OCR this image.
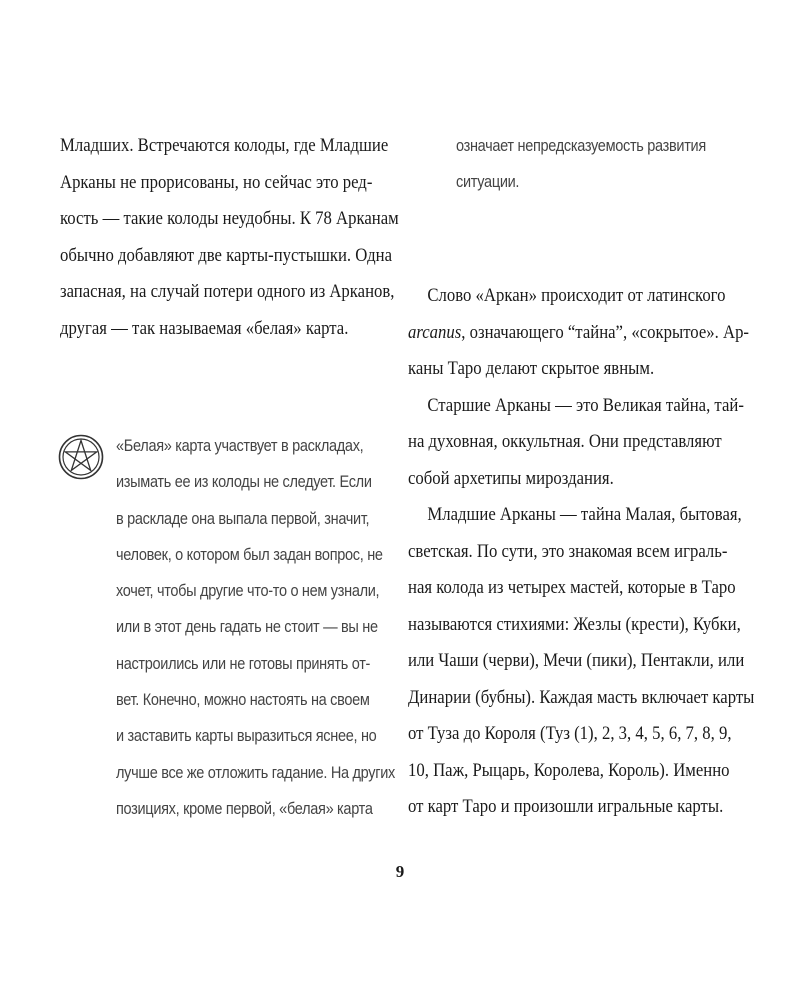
Младших. Встречаются колоды, где Младшие
Арканы не прорисованы, но сейчас это ред-
кость — такие колоды неудобны. К 78 Арканам
обычно добавляют две карты-пустышки. Одна
запасная, на случай потери одного из Арканов,
другая — так называемая «белая» карта.
«Белая» карта участвует в раскладах,
изымать ее из колоды не следует. Если
в раскладе она выпала первой, значит,
человек, о котором был задан вопрос, не
хочет, чтобы другие что-то о нем узнали,
или в этот день гадать не стоит — вы не
настроились или не готовы принять от-
вет. Конечно, можно настоять на своем
и заставить карты выразиться яснее, но
лучше все же отложить гадание. На других
позициях, кроме первой, «белая» карта
означает непредсказуемость развития
ситуации.
Слово «Аркан» происходит от латинского
arcanus, означающего “тайна”, «сокрытое». Ар-
каны Таро делают скрытое явным.
Старшие Арканы — это Великая тайна, тай-
на духовная, оккультная. Они представляют
собой архетипы мироздания.
Младшие Арканы — тайна Малая, бытовая,
светская. По сути, это знакомая всем играль-
ная колода из четырех мастей, которые в Таро
называются стихиями: Жезлы (крести), Кубки,
или Чаши (черви), Мечи (пики), Пентакли, или
Динарии (бубны). Каждая масть включает карты
от Туза до Короля (Туз (1), 2, 3, 4, 5, 6, 7, 8, 9,
10, Паж, Рыцарь, Королева, Король). Именно
от карт Таро и произошли игральные карты.
9
